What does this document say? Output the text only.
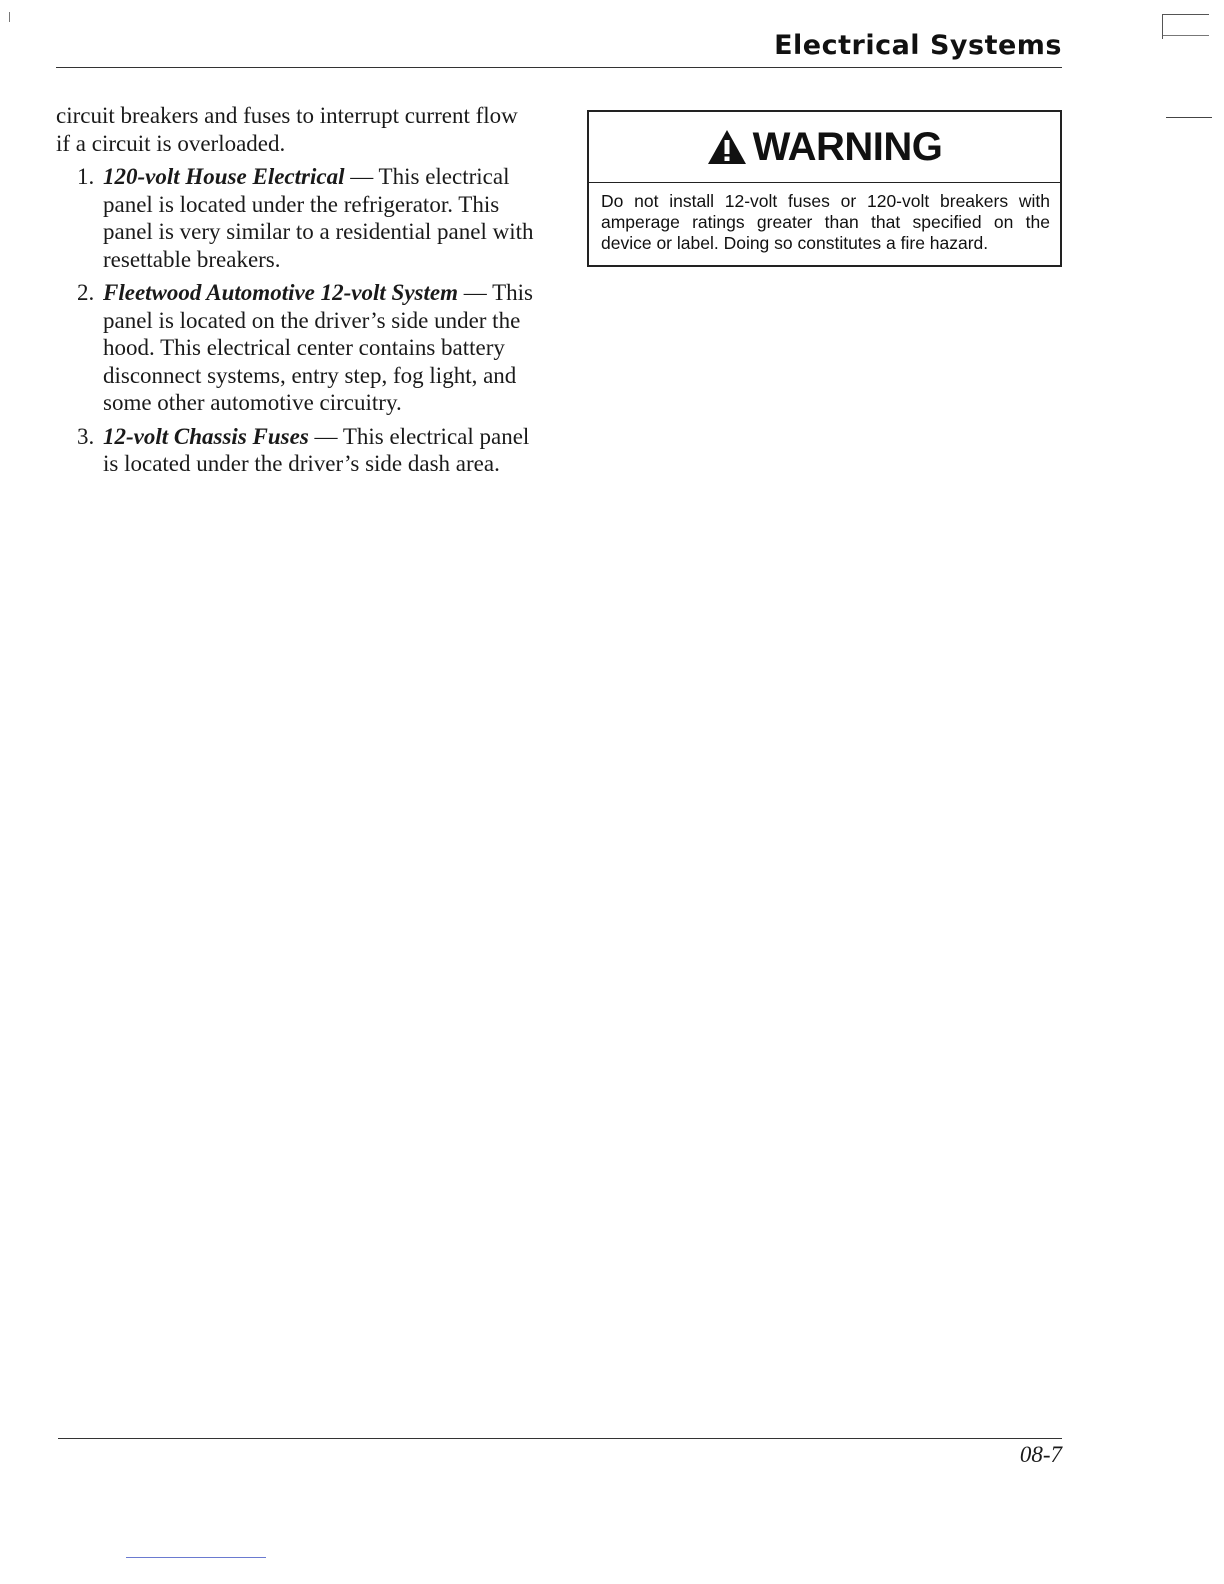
Electrical Systems

circuit breakers and fuses to interrupt current flow if a circuit is overloaded.

1. 120-volt House Electrical — This electrical panel is located under the refrigerator. This panel is very similar to a residential panel with resettable breakers.
2. Fleetwood Automotive 12-volt System — This panel is located on the driver’s side under the hood. This electrical center contains battery disconnect systems, entry step, fog light, and some other automotive circuitry.
3. 12-volt Chassis Fuses — This electrical panel is located under the driver’s side dash area.
WARNING
Do not install 12-volt fuses or 120-volt breakers with amperage ratings greater than that specified on the device or label. Doing so constitutes a fire hazard.
08-7
